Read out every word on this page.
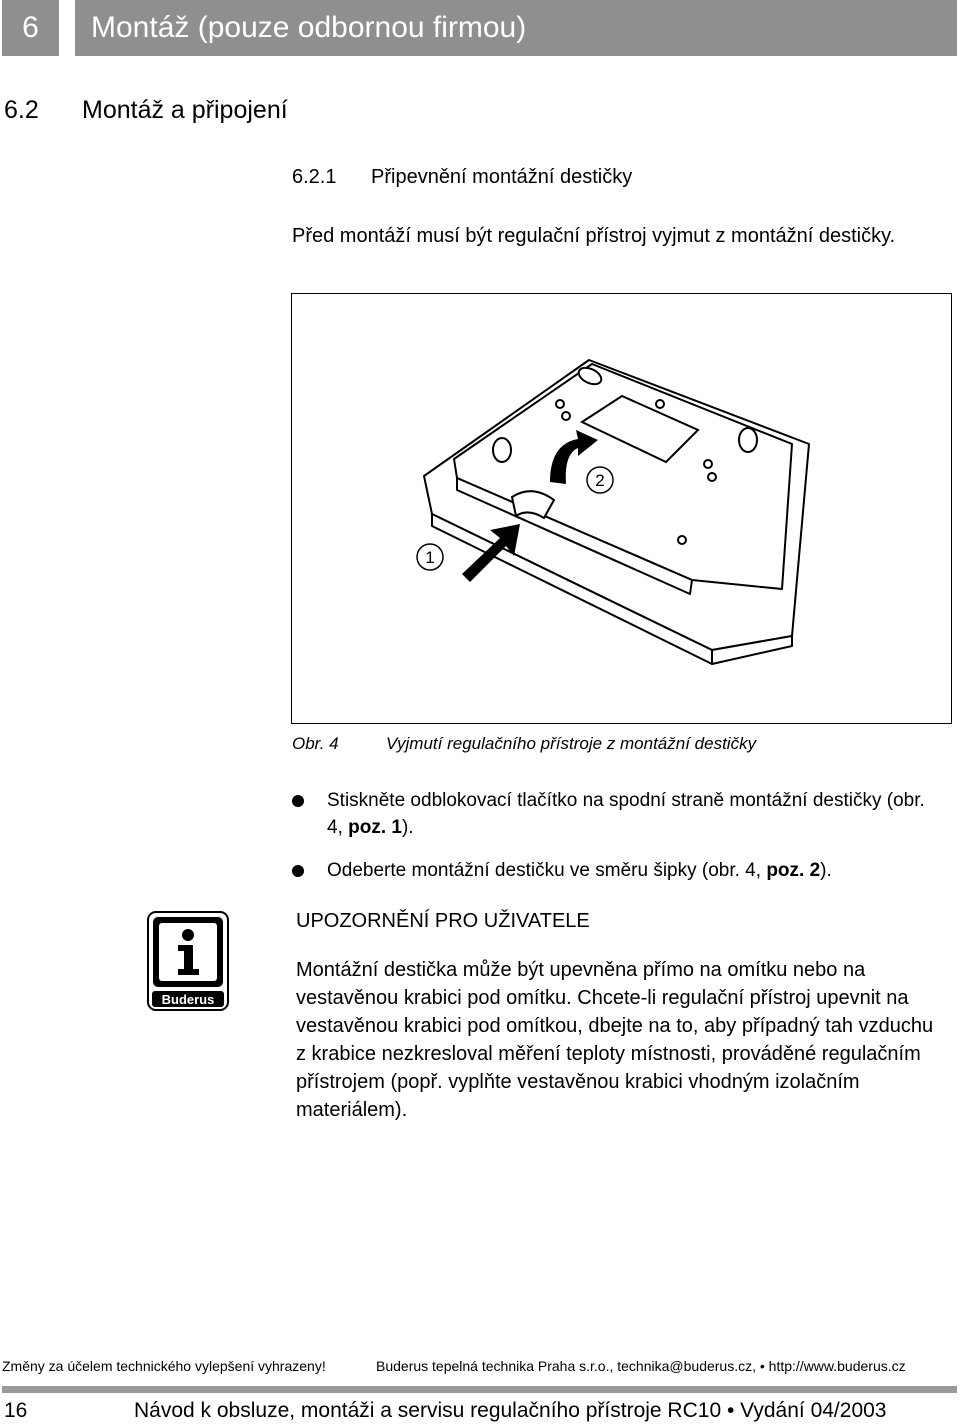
6	Montáž (pouze odbornou firmou)
6.2 Montáž a připojení
6.2.1 Připevnění montážní destičky
Před montáží musí být regulační přístroj vyjmut z montážní destičky.
2
1
Obr. 4	Vyjmutí regulačního přístroje z montážní destičky
Stiskněte odblokovací tlačítko na spodní straně montážní destičky (obr. 4, poz. 1).
Odeberte montážní destičku ve směru šipky (obr. 4, poz. 2).
Buderus
UPOZORNĚNÍ PRO UŽIVATELE
Montážní destička může být upevněna přímo na omítku nebo na vestavěnou krabici pod omítku. Chcete-li regulační přístroj upevnit na vestavěnou krabici pod omítkou, dbejte na to, aby případný tah vzduchu z krabice nezkresloval měření teploty místnosti, prováděné regulačním přístrojem (popř. vyplňte vestavěnou krabici vhodným izolačním materiálem).
Změny za účelem technického vylepšení vyhrazeny!	Buderus tepelná technika Praha s.r.o., technika@buderus.cz, • http://www.buderus.cz
16	Návod k obsluze, montáži a servisu regulačního přístroje RC10 • Vydání 04/2003
